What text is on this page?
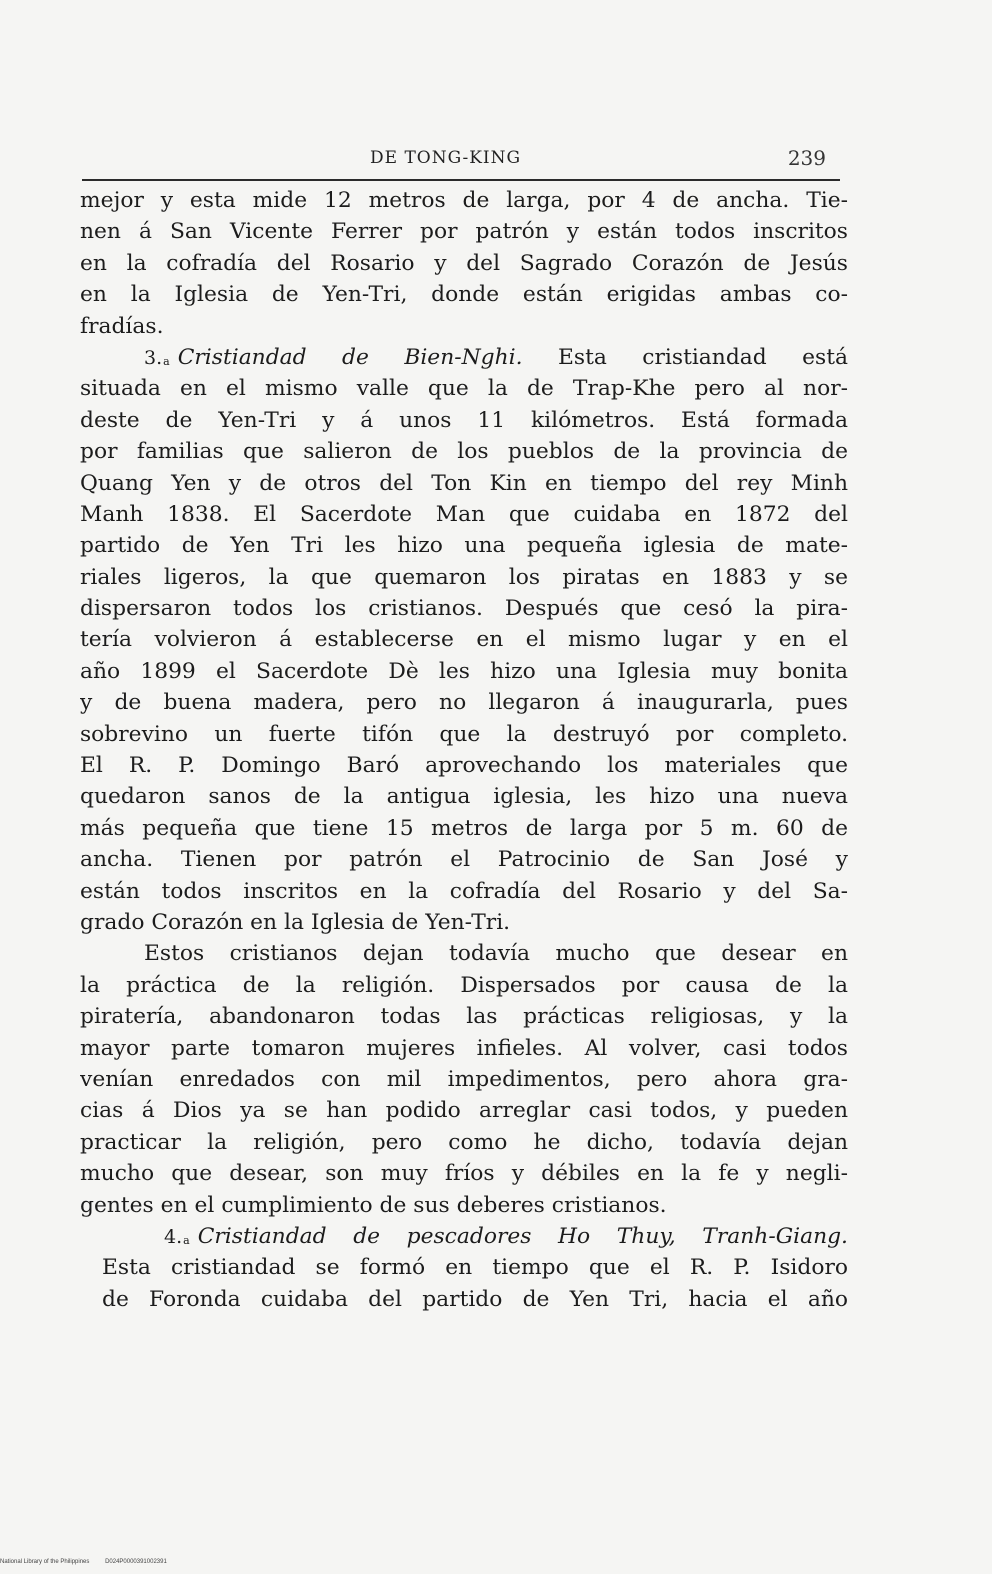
DE TONG-KING	239
mejor y esta mide 12 metros de larga, por 4 de ancha. Tie-
nen á San Vicente Ferrer por patrón y están todos inscritos
en la cofradía del Rosario y del Sagrado Corazón de Jesús
en la Iglesia de Yen-Tri, donde están erigidas ambas co-
fradías.
3.$^a$ Cristiandad de Bien-Nghi. Esta cristiandad está
situada en el mismo valle que la de Trap-Khe pero al nor-
deste de Yen-Tri y á unos 11 kilómetros. Está formada
por familias que salieron de los pueblos de la provincia de
Quang Yen y de otros del Ton Kin en tiempo del rey Minh
Manh 1838. El Sacerdote Man que cuidaba en 1872 del
partido de Yen Tri les hizo una pequeña iglesia de mate-
riales ligeros, la que quemaron los piratas en 1883 y se
dispersaron todos los cristianos. Después que cesó la pira-
tería volvieron á establecerse en el mismo lugar y en el
año 1899 el Sacerdote Dè les hizo una Iglesia muy bonita
y de buena madera, pero no llegaron á inaugurarla, pues
sobrevino un fuerte tifón que la destruyó por completo.
El R. P. Domingo Baró aprovechando los materiales que
quedaron sanos de la antigua iglesia, les hizo una nueva
más pequeña que tiene 15 metros de larga por 5 m. 60 de
ancha. Tienen por patrón el Patrocinio de San José y
están todos inscritos en la cofradía del Rosario y del Sa-
grado Corazón en la Iglesia de Yen-Tri.
Estos cristianos dejan todavía mucho que desear en
la práctica de la religión. Dispersados por causa de la
piratería, abandonaron todas las prácticas religiosas, y la
mayor parte tomaron mujeres infieles. Al volver, casi todos
venían enredados con mil impedimentos, pero ahora gra-
cias á Dios ya se han podido arreglar casi todos, y pueden
practicar la religión, pero como he dicho, todavía dejan
mucho que desear, son muy fríos y débiles en la fe y negli-
gentes en el cumplimiento de sus deberes cristianos.
4.$^a$ Cristiandad de pescadores Ho Thuy, Tranh-Giang.
Esta cristiandad se formó en tiempo que el R. P. Isidoro
de Foronda cuidaba del partido de Yen Tri, hacia el año
National Library of the Philippines	D024P0000391002391
